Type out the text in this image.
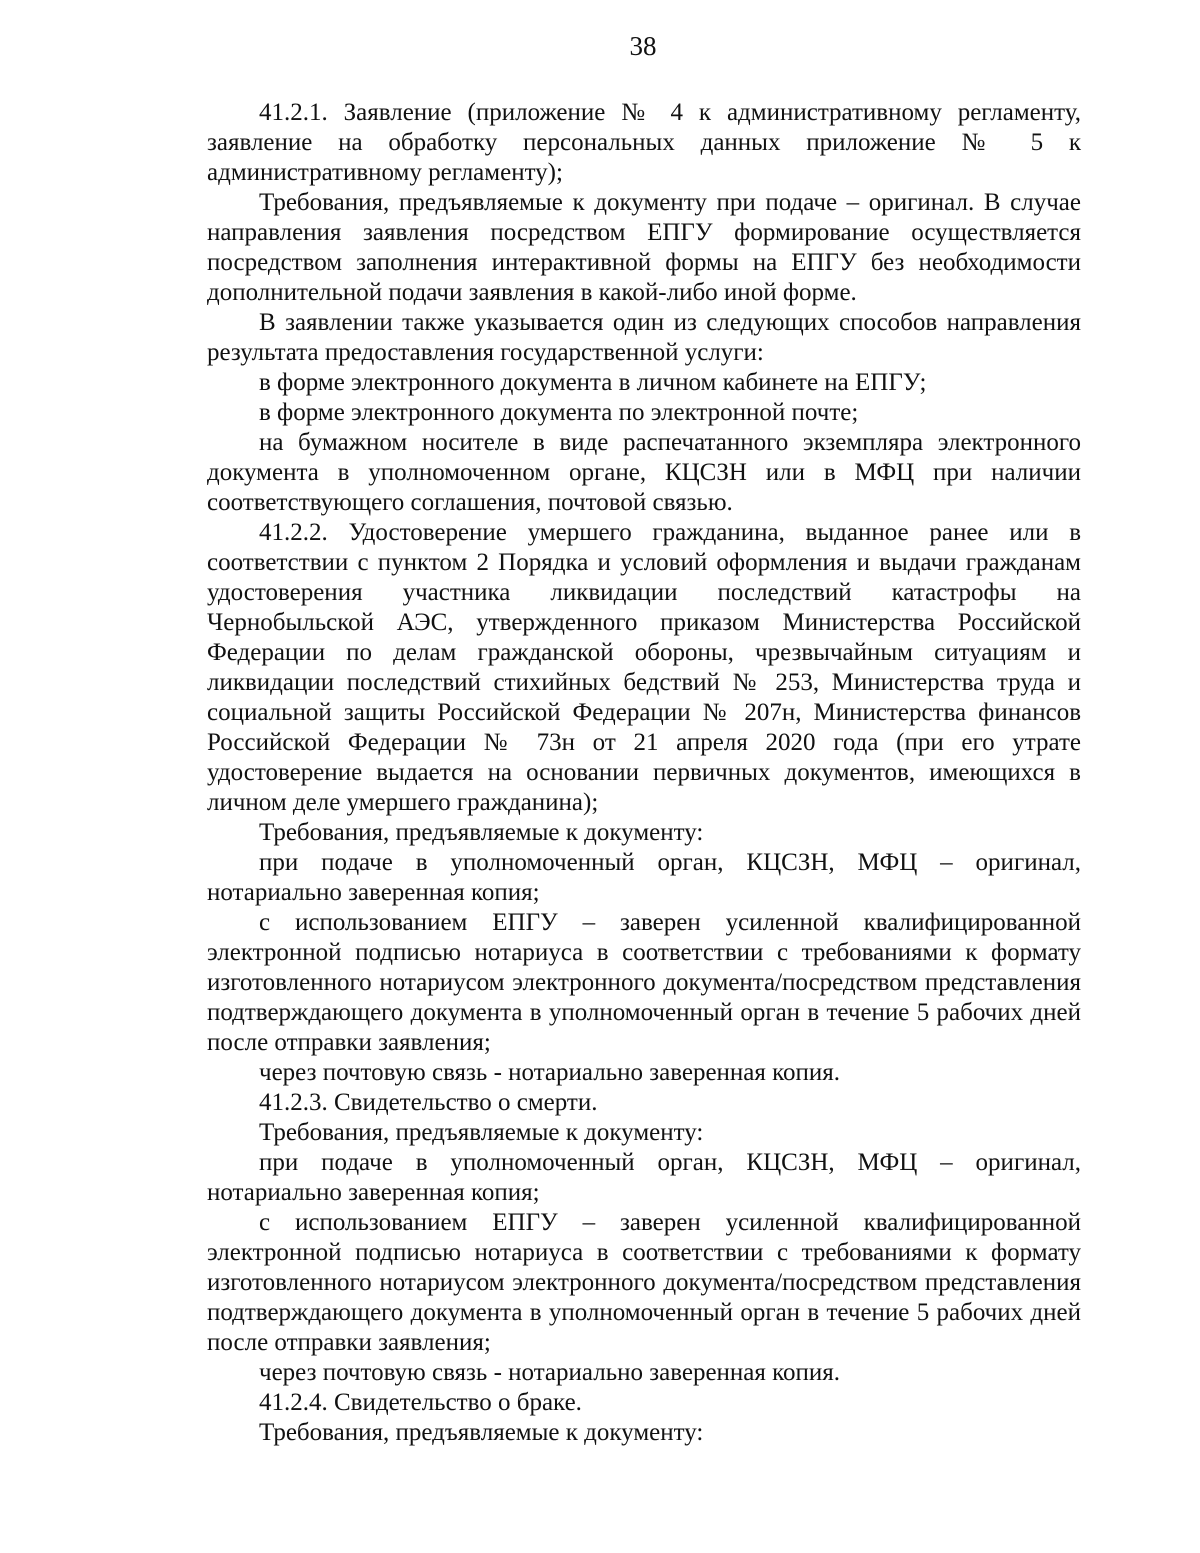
38

41.2.1. Заявление (приложение № 4 к административному регламенту, заявление на обработку персональных данных приложение № 5 к административному регламенту);

Требования, предъявляемые к документу при подаче – оригинал. В случае направления заявления посредством ЕПГУ формирование осуществляется посредством заполнения интерактивной формы на ЕПГУ без необходимости дополнительной подачи заявления в какой-либо иной форме.

В заявлении также указывается один из следующих способов направления результата предоставления государственной услуги:

в форме электронного документа в личном кабинете на ЕПГУ;

в форме электронного документа по электронной почте;

на бумажном носителе в виде распечатанного экземпляра электронного документа в уполномоченном органе, КЦСЗН или в МФЦ при наличии соответствующего соглашения, почтовой связью.

41.2.2. Удостоверение умершего гражданина, выданное ранее или в соответствии с пунктом 2 Порядка и условий оформления и выдачи гражданам удостоверения участника ликвидации последствий катастрофы на Чернобыльской АЭС, утвержденного приказом Министерства Российской Федерации по делам гражданской обороны, чрезвычайным ситуациям и ликвидации последствий стихийных бедствий № 253, Министерства труда и социальной защиты Российской Федерации № 207н, Министерства финансов Российской Федерации № 73н от 21 апреля 2020 года (при его утрате удостоверение выдается на основании первичных документов, имеющихся в личном деле умершего гражданина);

Требования, предъявляемые к документу:

при подаче в уполномоченный орган, КЦСЗН, МФЦ – оригинал, нотариально заверенная копия;

с использованием ЕПГУ – заверен усиленной квалифицированной электронной подписью нотариуса в соответствии с требованиями к формату изготовленного нотариусом электронного документа/посредством представления подтверждающего документа в уполномоченный орган в течение 5 рабочих дней после отправки заявления;

через почтовую связь - нотариально заверенная копия.

41.2.3. Свидетельство о смерти.

Требования, предъявляемые к документу:

при подаче в уполномоченный орган, КЦСЗН, МФЦ – оригинал, нотариально заверенная копия;

с использованием ЕПГУ – заверен усиленной квалифицированной электронной подписью нотариуса в соответствии с требованиями к формату изготовленного нотариусом электронного документа/посредством представления подтверждающего документа в уполномоченный орган в течение 5 рабочих дней после отправки заявления;

через почтовую связь - нотариально заверенная копия.

41.2.4. Свидетельство о браке.

Требования, предъявляемые к документу:
